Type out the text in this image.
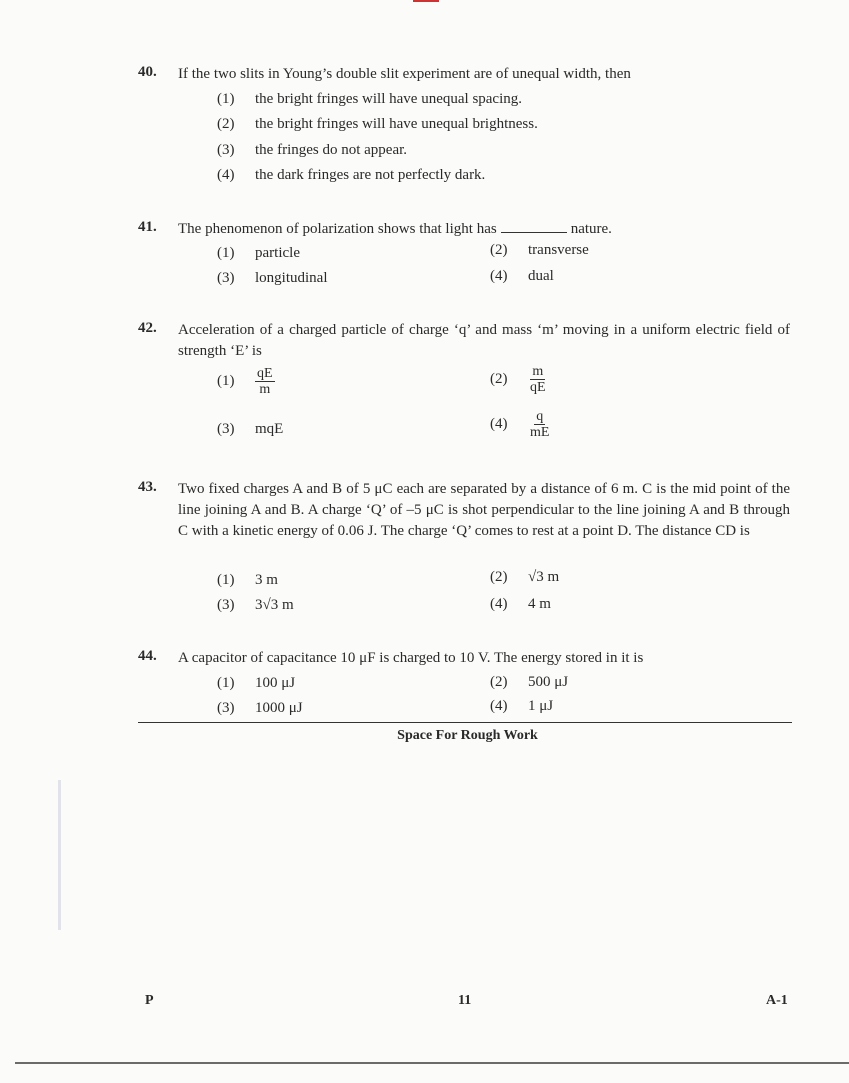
40. If the two slits in Young’s double slit experiment are of unequal width, then
(1) the bright fringes will have unequal spacing.
(2) the bright fringes will have unequal brightness.
(3) the fringes do not appear.
(4) the dark fringes are not perfectly dark.
41. The phenomenon of polarization shows that light has	nature.
(1) particle	(2) transverse
(3) longitudinal	(4) dual
42. Acceleration of a charged particle of charge ‘q’ and mass ‘m’ moving in a uniform electric field of strength ‘E’ is
$(1) \frac{qE}{m}$	$(2) \frac{m}{qE}$
(3) mqE	$(4) \frac{q}{mE}$
43. Two fixed charges A and B of 5 μC each are separated by a distance of 6 m. C is the mid point of the line joining A and B. A charge ‘Q’ of –5 μC is shot perpendicular to the line joining A and B through C with a kinetic energy of 0.06 J. The charge ‘Q’ comes to rest at a point D. The distance CD is
(1) 3 m	(2) √3 m
(3) 3√3 m	(4) 4 m
44. A capacitor of capacitance 10 μF is charged to 10 V. The energy stored in it is
(1) 100 μJ	(2) 500 μJ
(3) 1000 μJ	(4) 1 μJ
Space For Rough Work
P	11	A-1
